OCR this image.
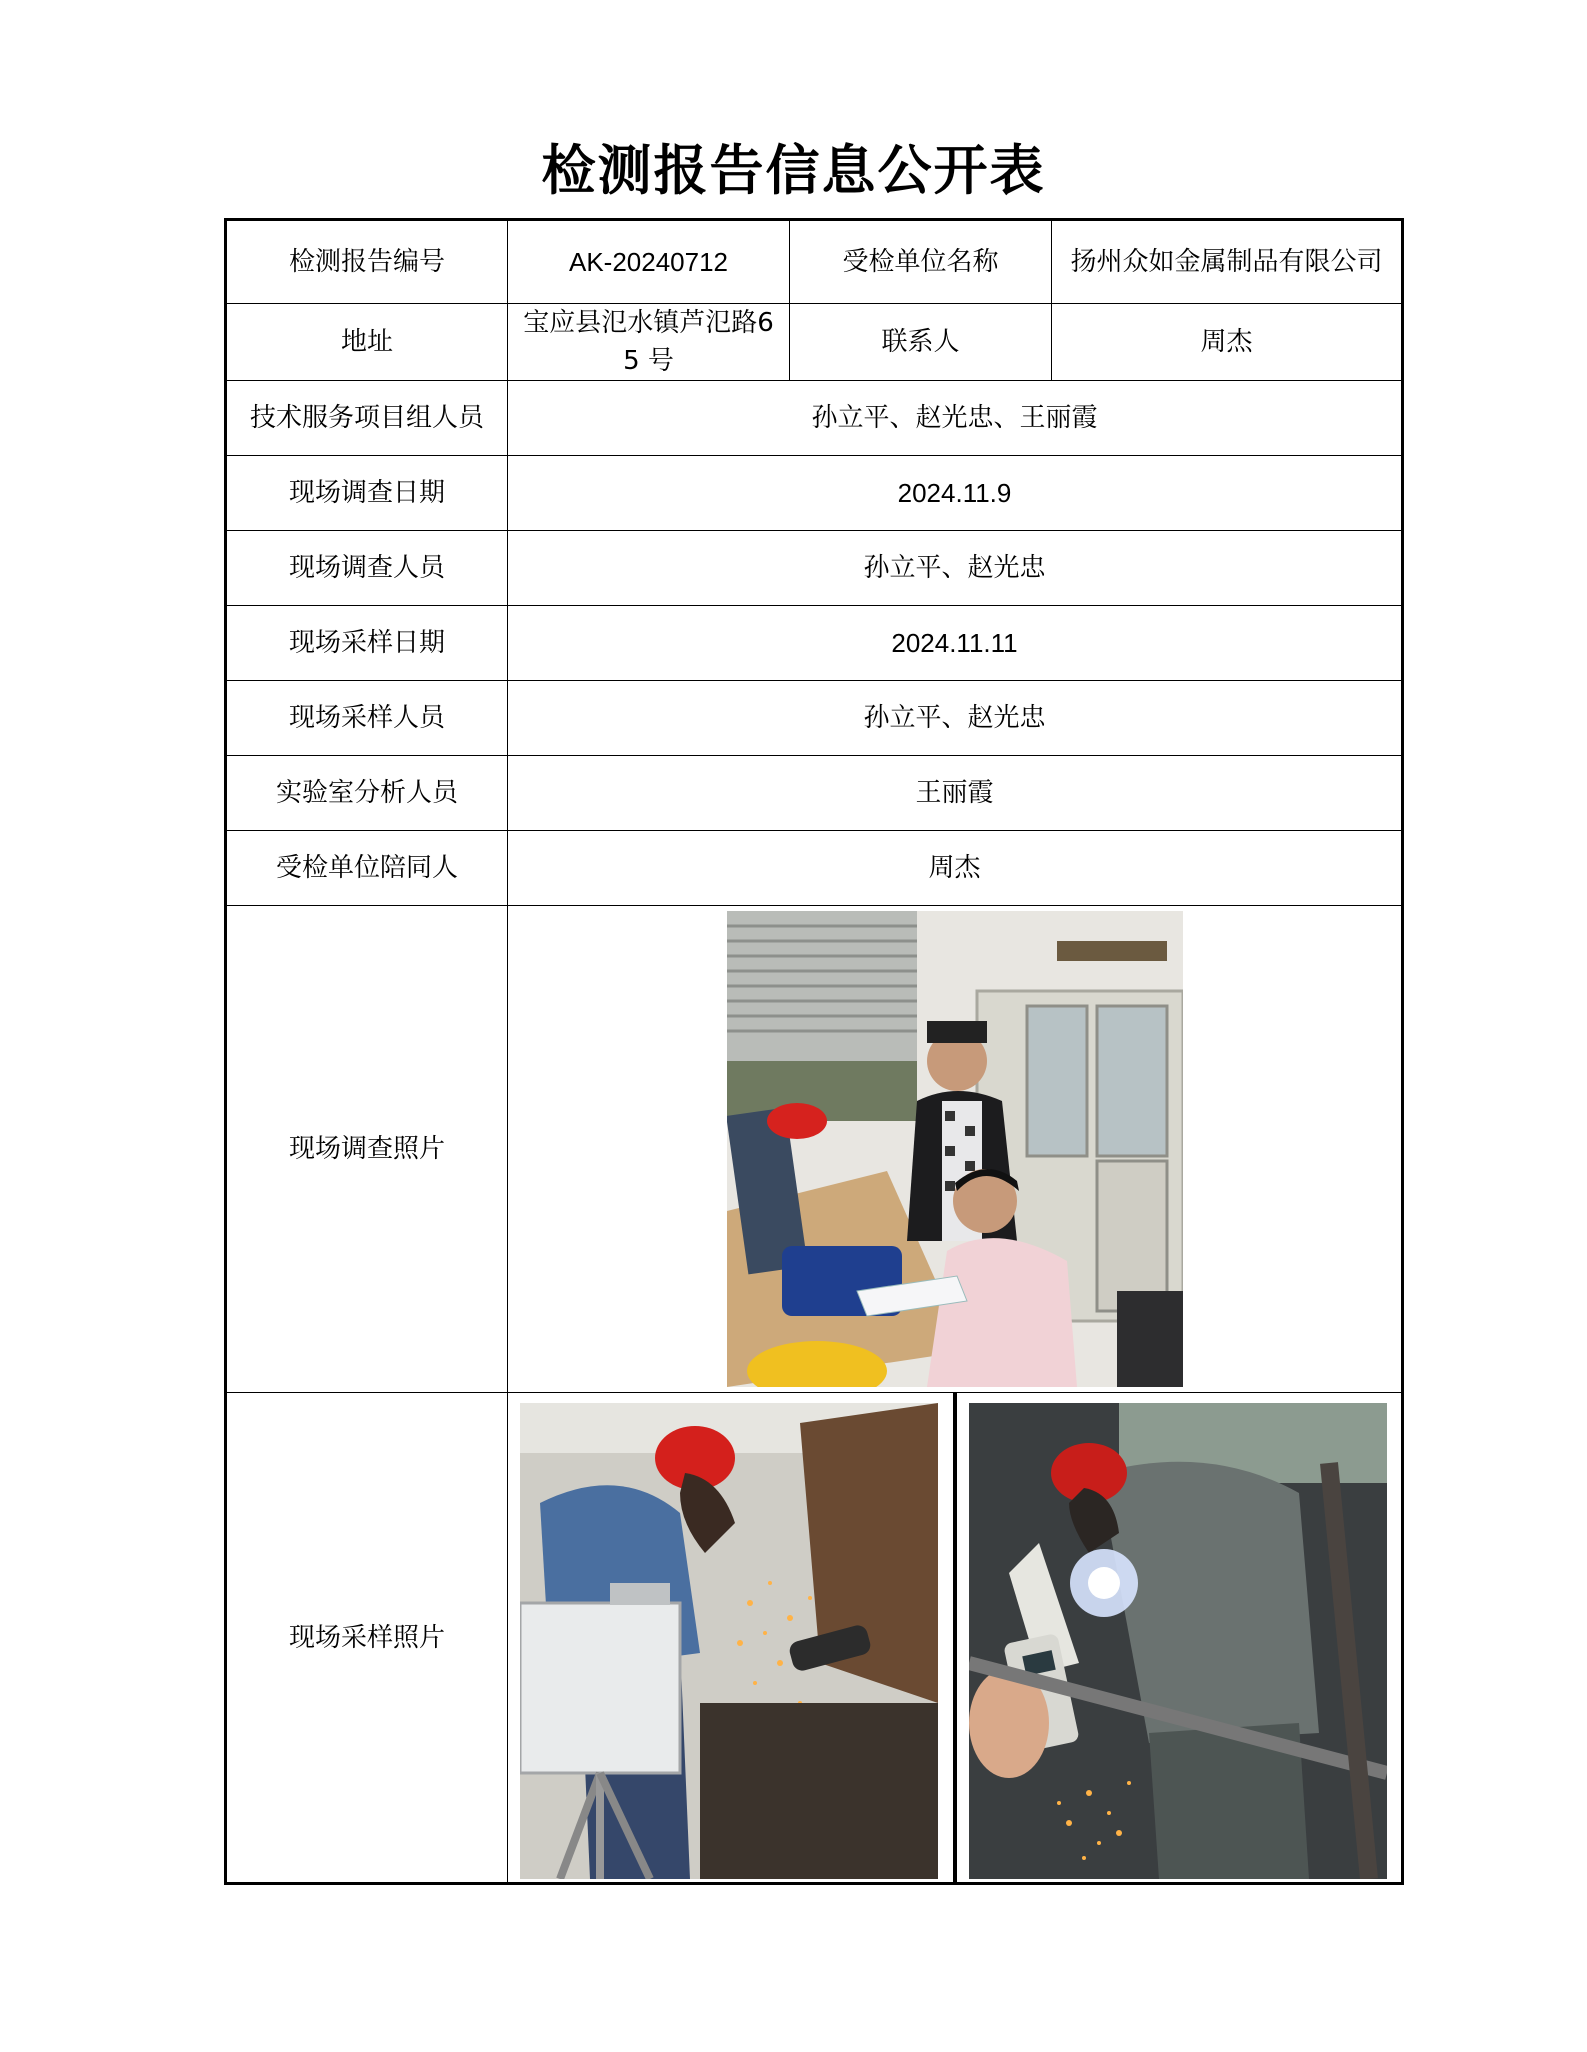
检测报告信息公开表
检测报告编号	AK-20240712	受检单位名称	扬州众如金属制品有限公司
地址	宝应县氾水镇芦氾路65 号	联系人	周杰
技术服务项目组人员	孙立平、赵光忠、王丽霞		
现场调查日期	2024.11.9		
现场调查人员	孙立平、赵光忠		
现场采样日期	2024.11.11		
现场采样人员	孙立平、赵光忠		
实验室分析人员	王丽霞		
受检单位陪同人	周杰		
现场调查照片	

现场采样照片	
